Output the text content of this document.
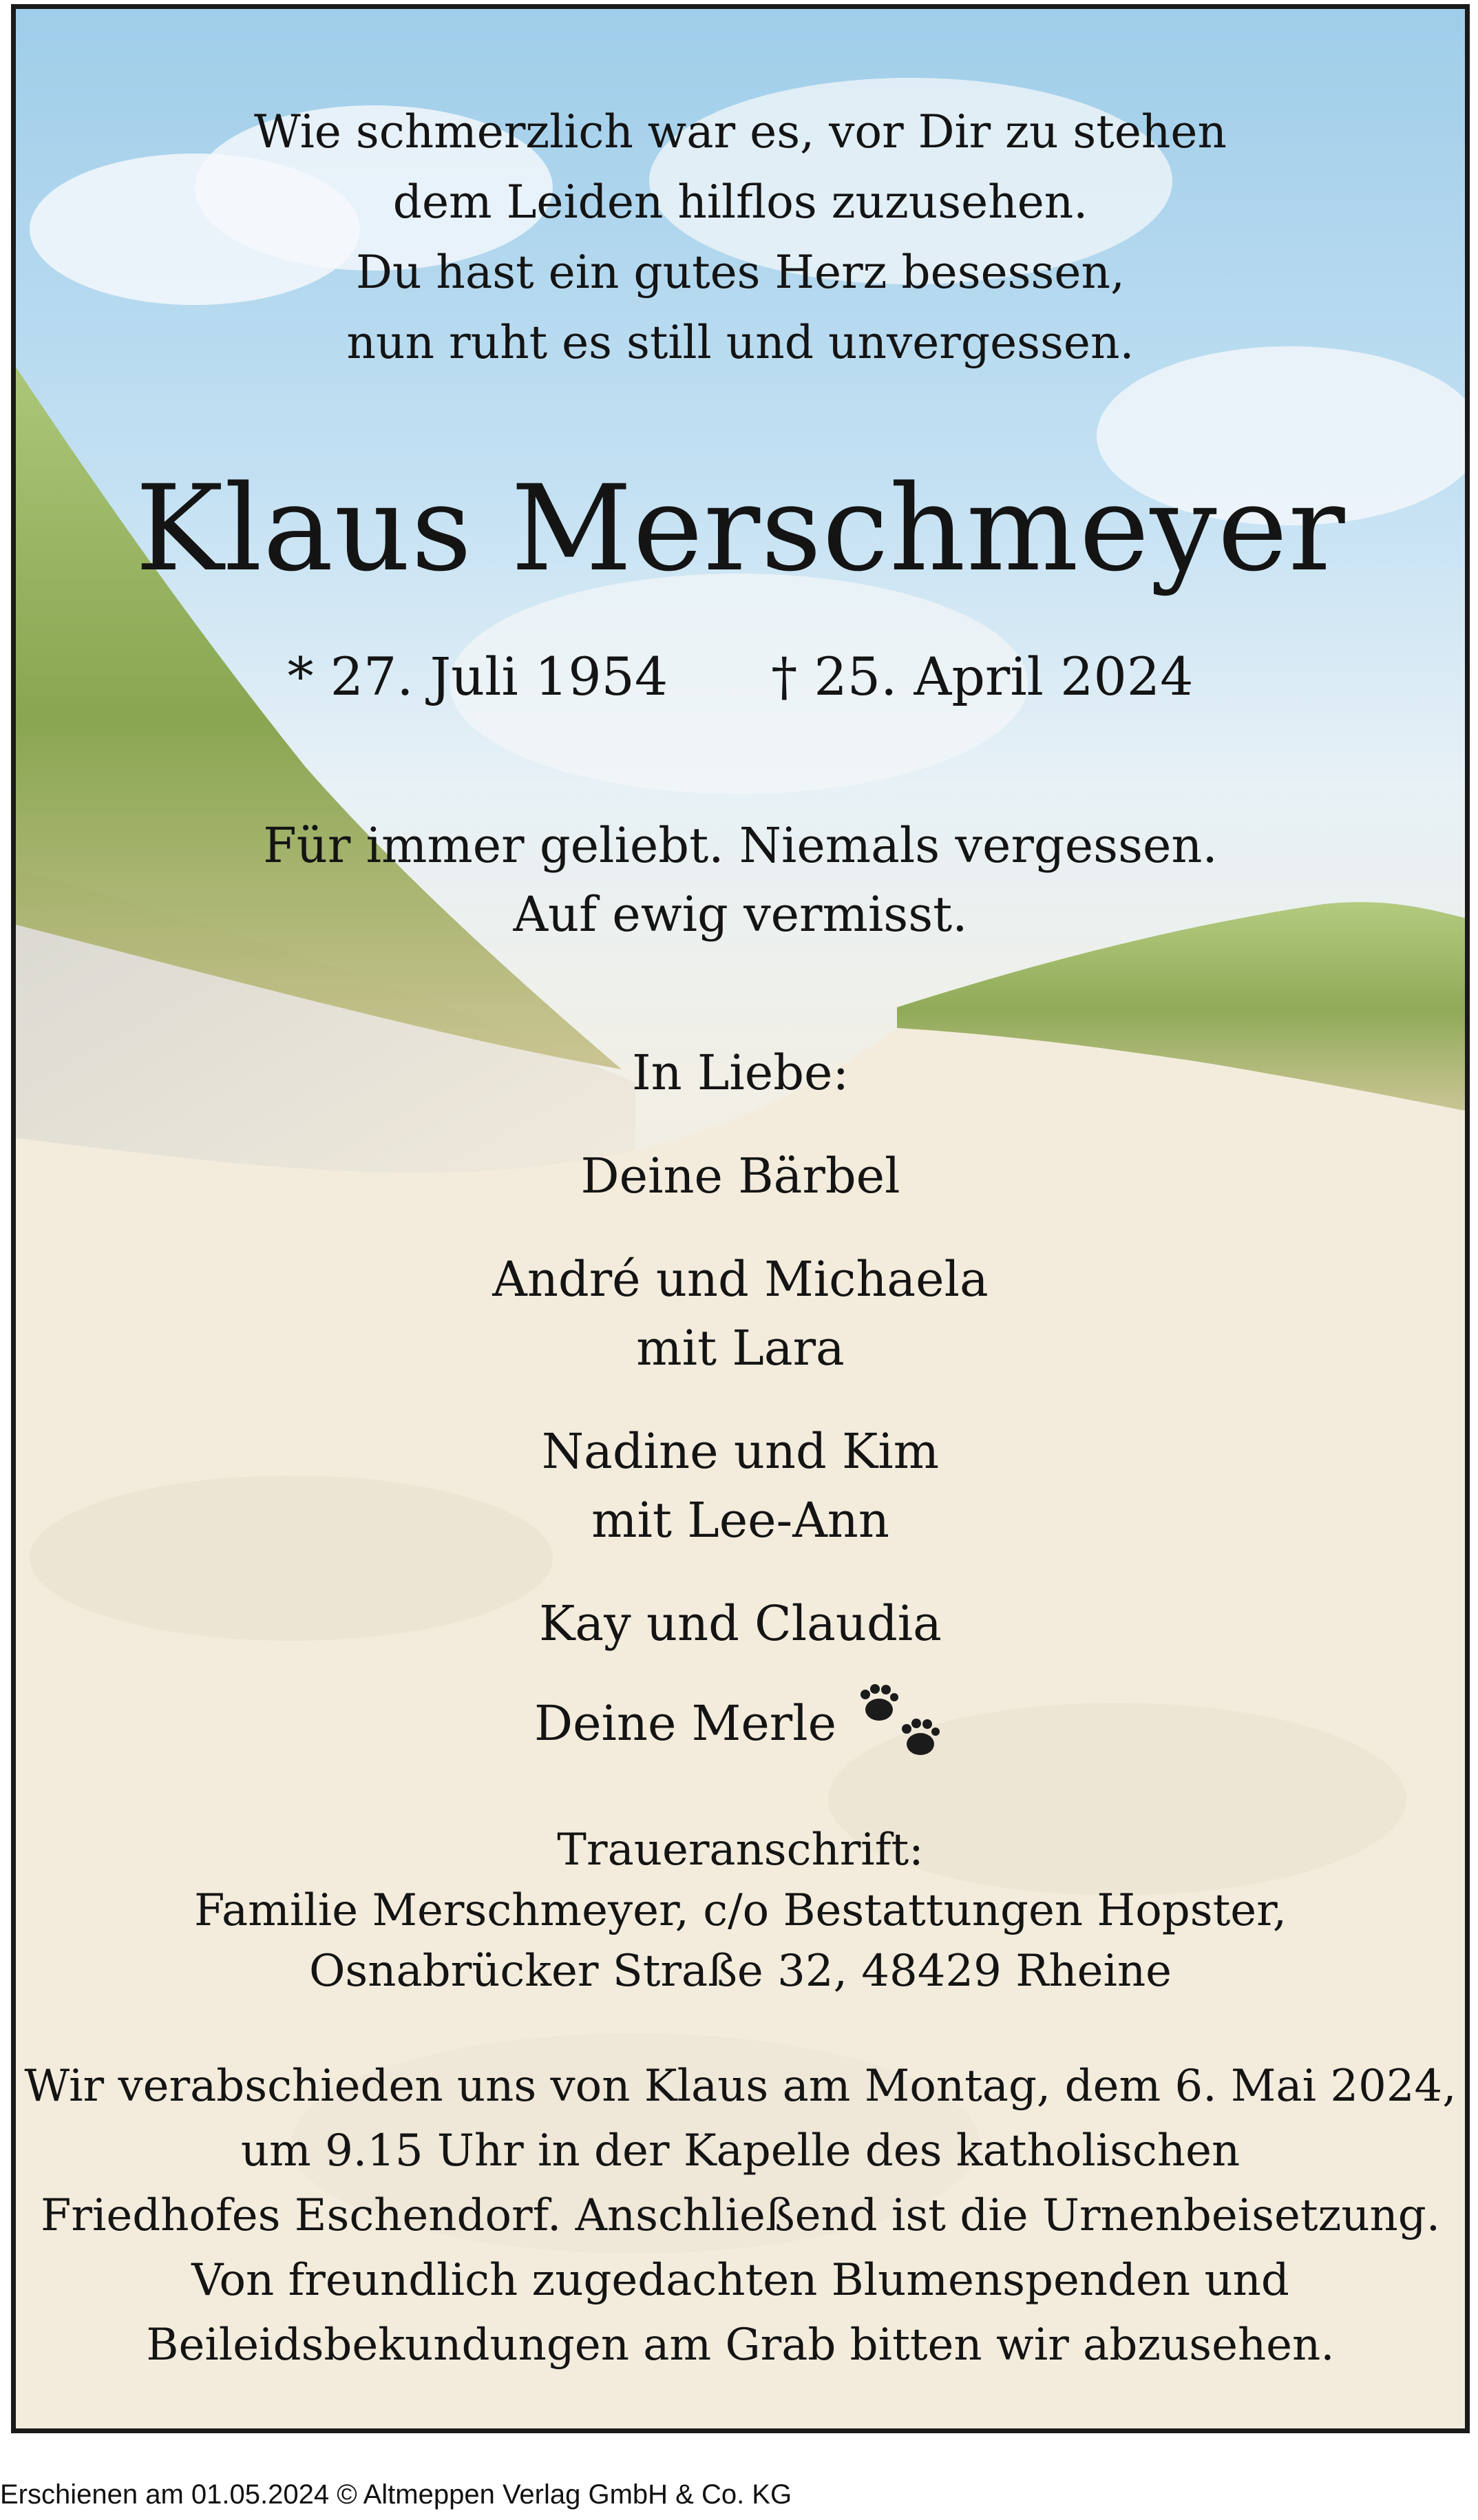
Wie schmerzlich war es, vor Dir zu stehen
dem Leiden hilflos zuzusehen.
Du hast ein gutes Herz besessen,
nun ruht es still und unvergessen.
Klaus Merschmeyer
* 27. Juli 1954 † 25. April 2024
Für immer geliebt. Niemals vergessen.
Auf ewig vermisst.
In Liebe:
Deine Bärbel
André und Michaela
mit Lara
Nadine und Kim
mit Lee-Ann
Kay und Claudia
Deine Merle
Traueranschrift:
Familie Merschmeyer, c/o Bestattungen Hopster,
Osnabrücker Straße 32, 48429 Rheine
Wir verabschieden uns von Klaus am Montag, dem 6. Mai 2024,
um 9.15 Uhr in der Kapelle des katholischen
Friedhofes Eschendorf. Anschließend ist die Urnenbeisetzung.
Von freundlich zugedachten Blumenspenden und
Beileidsbekundungen am Grab bitten wir abzusehen.
Erschienen am 01.05.2024 © Altmeppen Verlag GmbH & Co. KG
